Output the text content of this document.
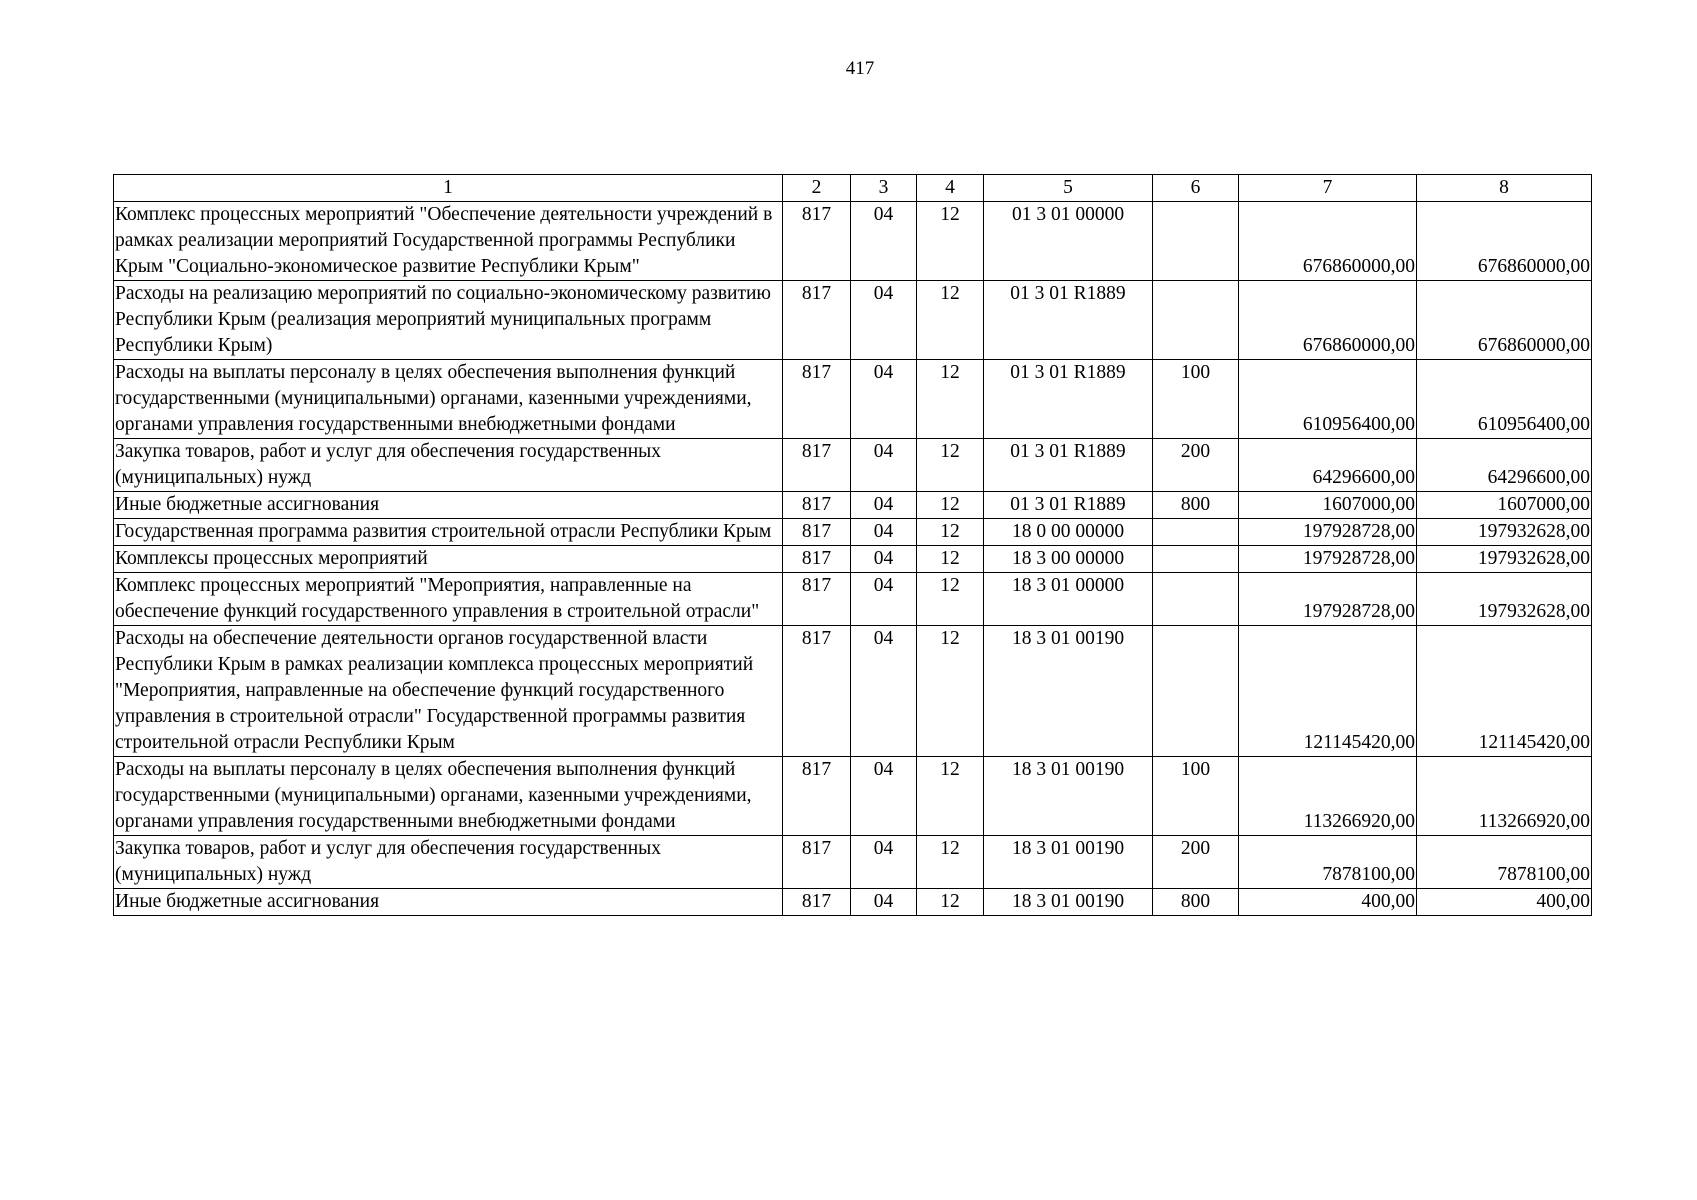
417
1	2	3	4	5	6	7	8
Комплекс процессных мероприятий "Обеспечение деятельности учреждений в рамках реализации мероприятий Государственной программы Республики Крым "Социально-экономическое развитие Республики Крым"	817	04	12	01 3 01 00000		676860000,00	676860000,00
Расходы на реализацию мероприятий по социально-экономическому развитию Республики Крым (реализация мероприятий муниципальных программ Республики Крым)	817	04	12	01 3 01 R1889		676860000,00	676860000,00
Расходы на выплаты персоналу в целях обеспечения выполнения функций государственными (муниципальными) органами, казенными учреждениями, органами управления государственными внебюджетными фондами	817	04	12	01 3 01 R1889	100	610956400,00	610956400,00
Закупка товаров, работ и услуг для обеспечения государственных (муниципальных) нужд	817	04	12	01 3 01 R1889	200	64296600,00	64296600,00
Иные бюджетные ассигнования	817	04	12	01 3 01 R1889	800	1607000,00	1607000,00
Государственная программа развития строительной отрасли Республики Крым	817	04	12	18 0 00 00000		197928728,00	197932628,00
Комплексы процессных мероприятий	817	04	12	18 3 00 00000		197928728,00	197932628,00
Комплекс процессных мероприятий "Мероприятия, направленные на обеспечение функций государственного управления в строительной отрасли"	817	04	12	18 3 01 00000		197928728,00	197932628,00
Расходы на обеспечение деятельности органов государственной власти Республики Крым в рамках реализации комплекса процессных мероприятий "Мероприятия, направленные на обеспечение функций государственного управления в строительной отрасли" Государственной программы развития строительной отрасли Республики Крым	817	04	12	18 3 01 00190		121145420,00	121145420,00
Расходы на выплаты персоналу в целях обеспечения выполнения функций государственными (муниципальными) органами, казенными учреждениями, органами управления государственными внебюджетными фондами	817	04	12	18 3 01 00190	100	113266920,00	113266920,00
Закупка товаров, работ и услуг для обеспечения государственных (муниципальных) нужд	817	04	12	18 3 01 00190	200	7878100,00	7878100,00
Иные бюджетные ассигнования	817	04	12	18 3 01 00190	800	400,00	400,00
